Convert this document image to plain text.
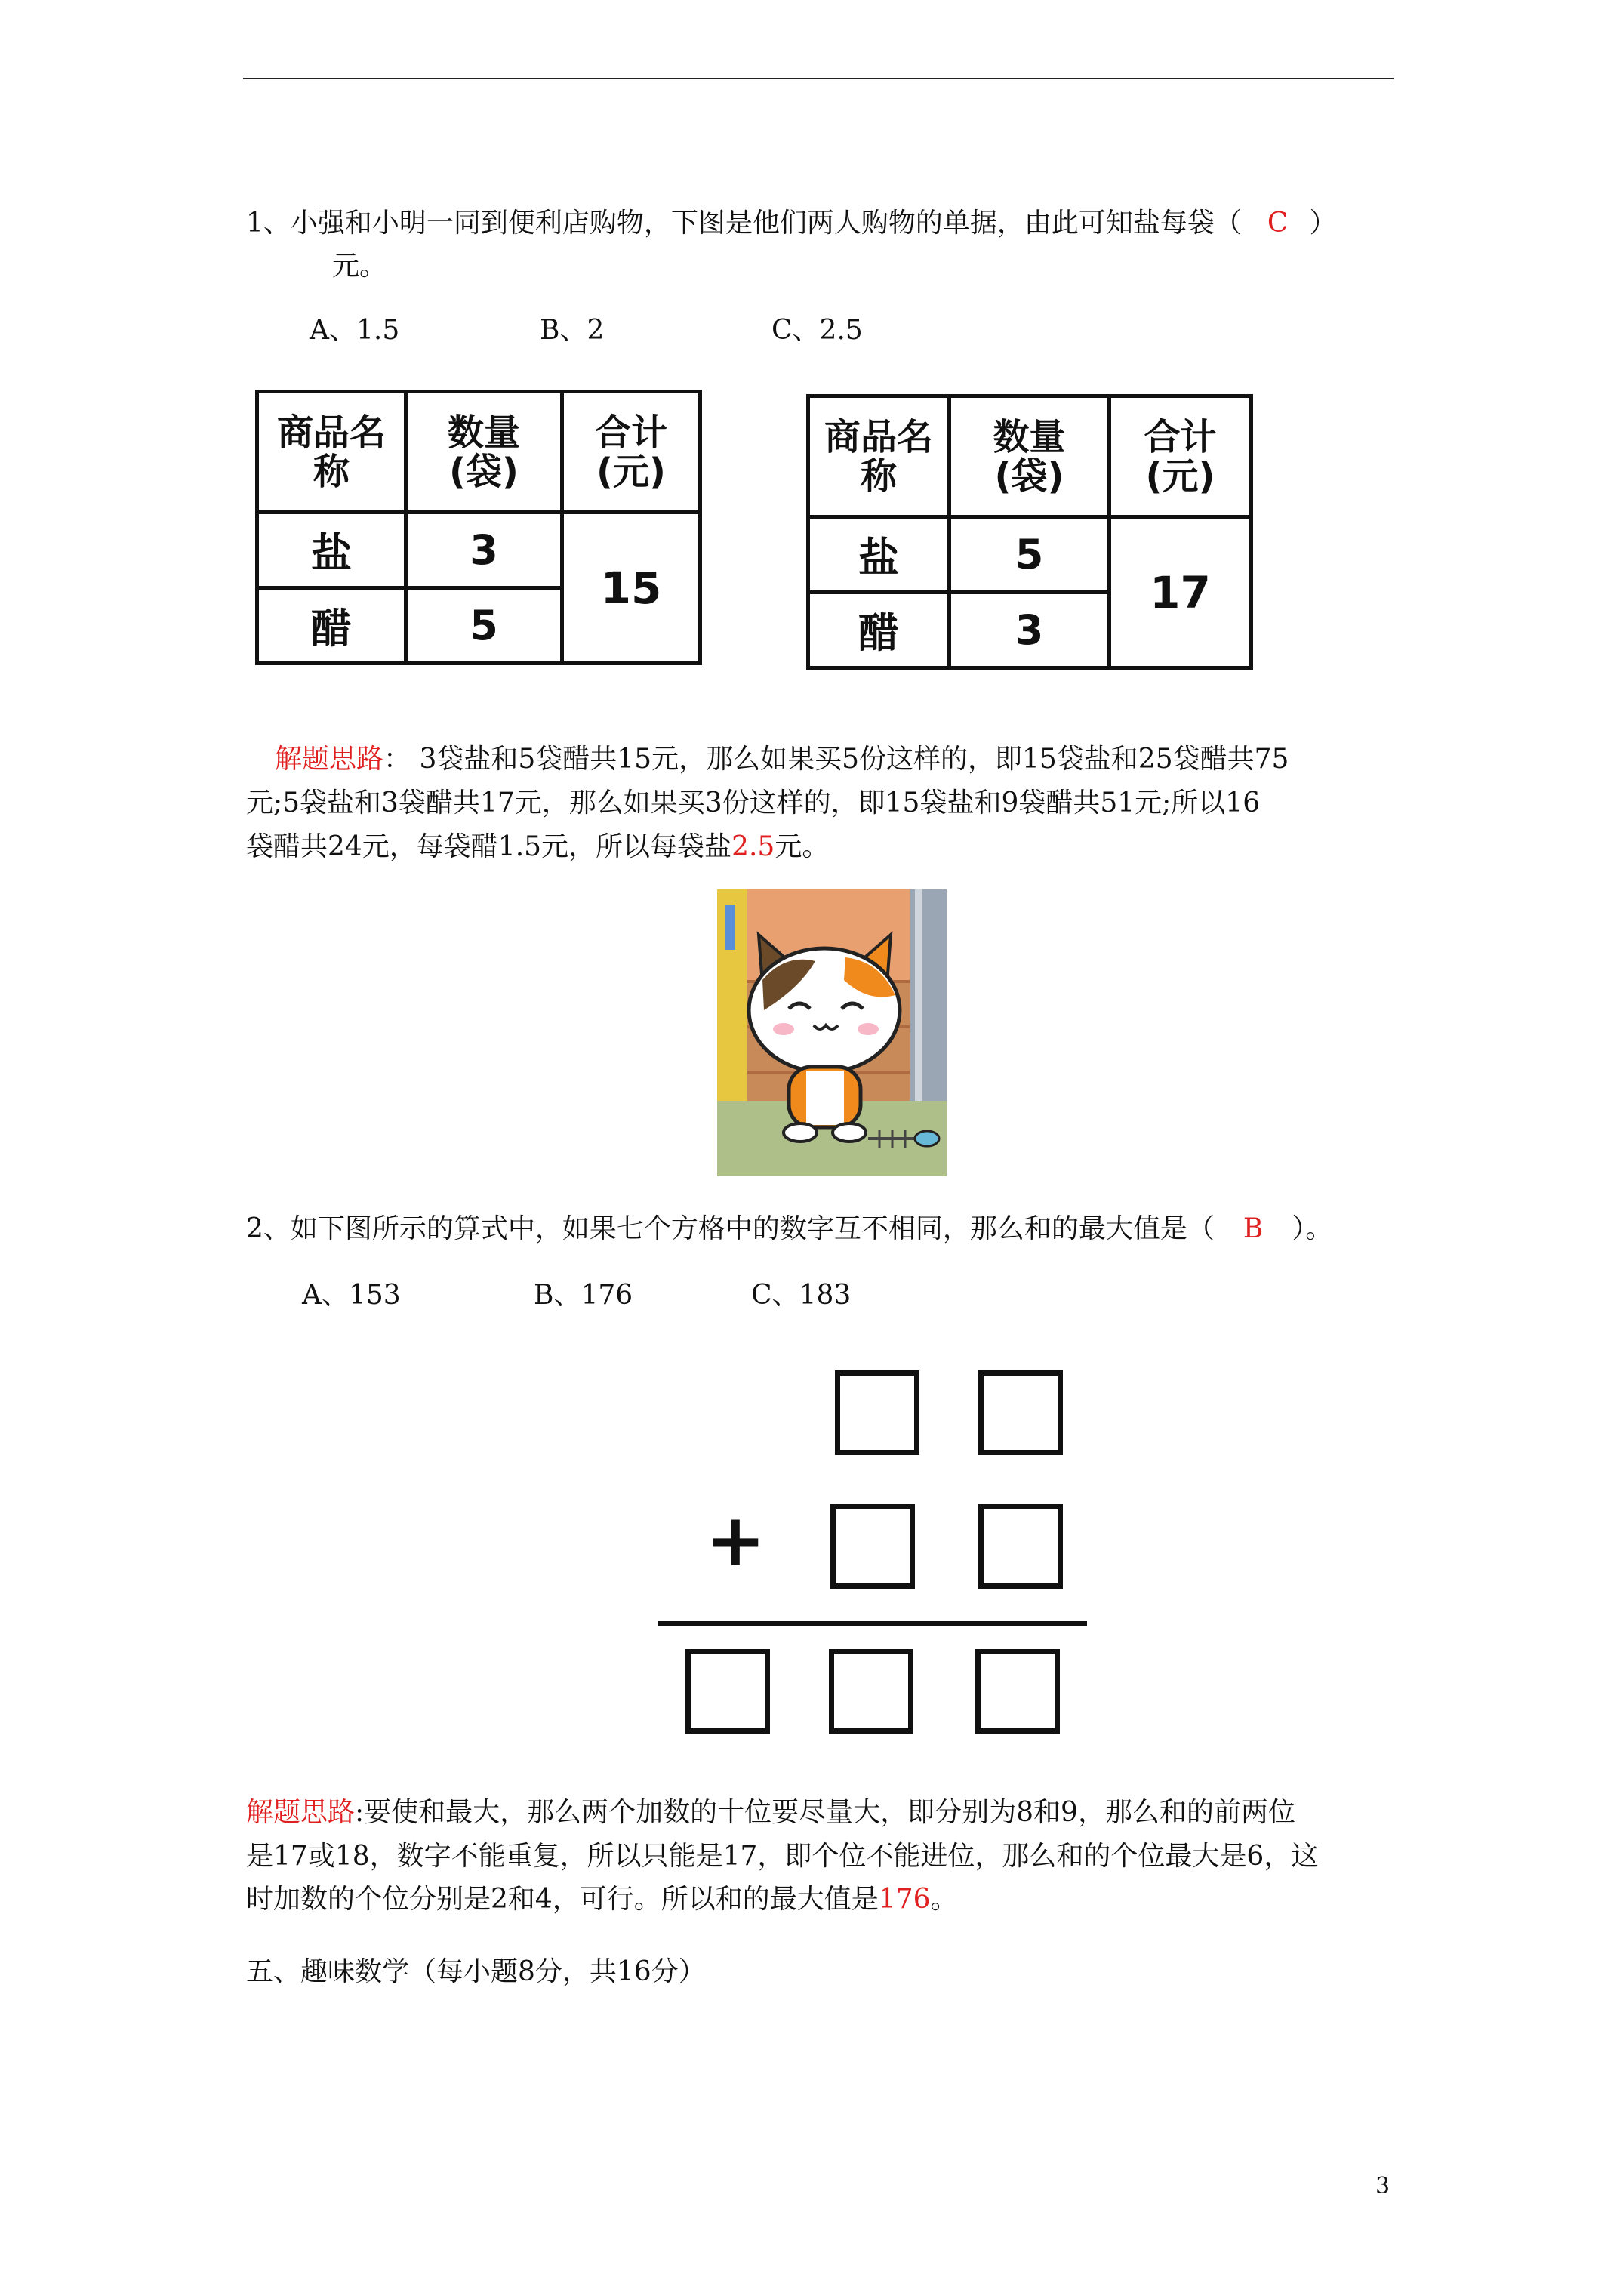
1、小强和小明一同到便利店购物，下图是他们两人购物的单据，由此可知盐每袋（ C ）
元。
A、1.5	B、2	C、2.5
商品名称	数量(袋)	合计(元)

盐	3	15
醋	5	
商品名称	数量(袋)	合计(元)

盐	5	17
醋	3	
解题思路： 3袋盐和5袋醋共15元，那么如果买5份这样的，即15袋盐和25袋醋共75
元;5袋盐和3袋醋共17元，那么如果买3份这样的，即15袋盐和9袋醋共51元;所以16
袋醋共24元，每袋醋1.5元，所以每袋盐2.5元。
2、如下图所示的算式中，如果七个方格中的数字互不相同，那么和的最大值是（ B ）。
A、153	B、176	C、183
+
解题思路:要使和最大，那么两个加数的十位要尽量大，即分别为8和9，那么和的前两位
是17或18，数字不能重复，所以只能是17，即个位不能进位，那么和的个位最大是6，这
时加数的个位分别是2和4，可行。所以和的最大值是176。
五、趣味数学（每小题8分，共16分）
3
